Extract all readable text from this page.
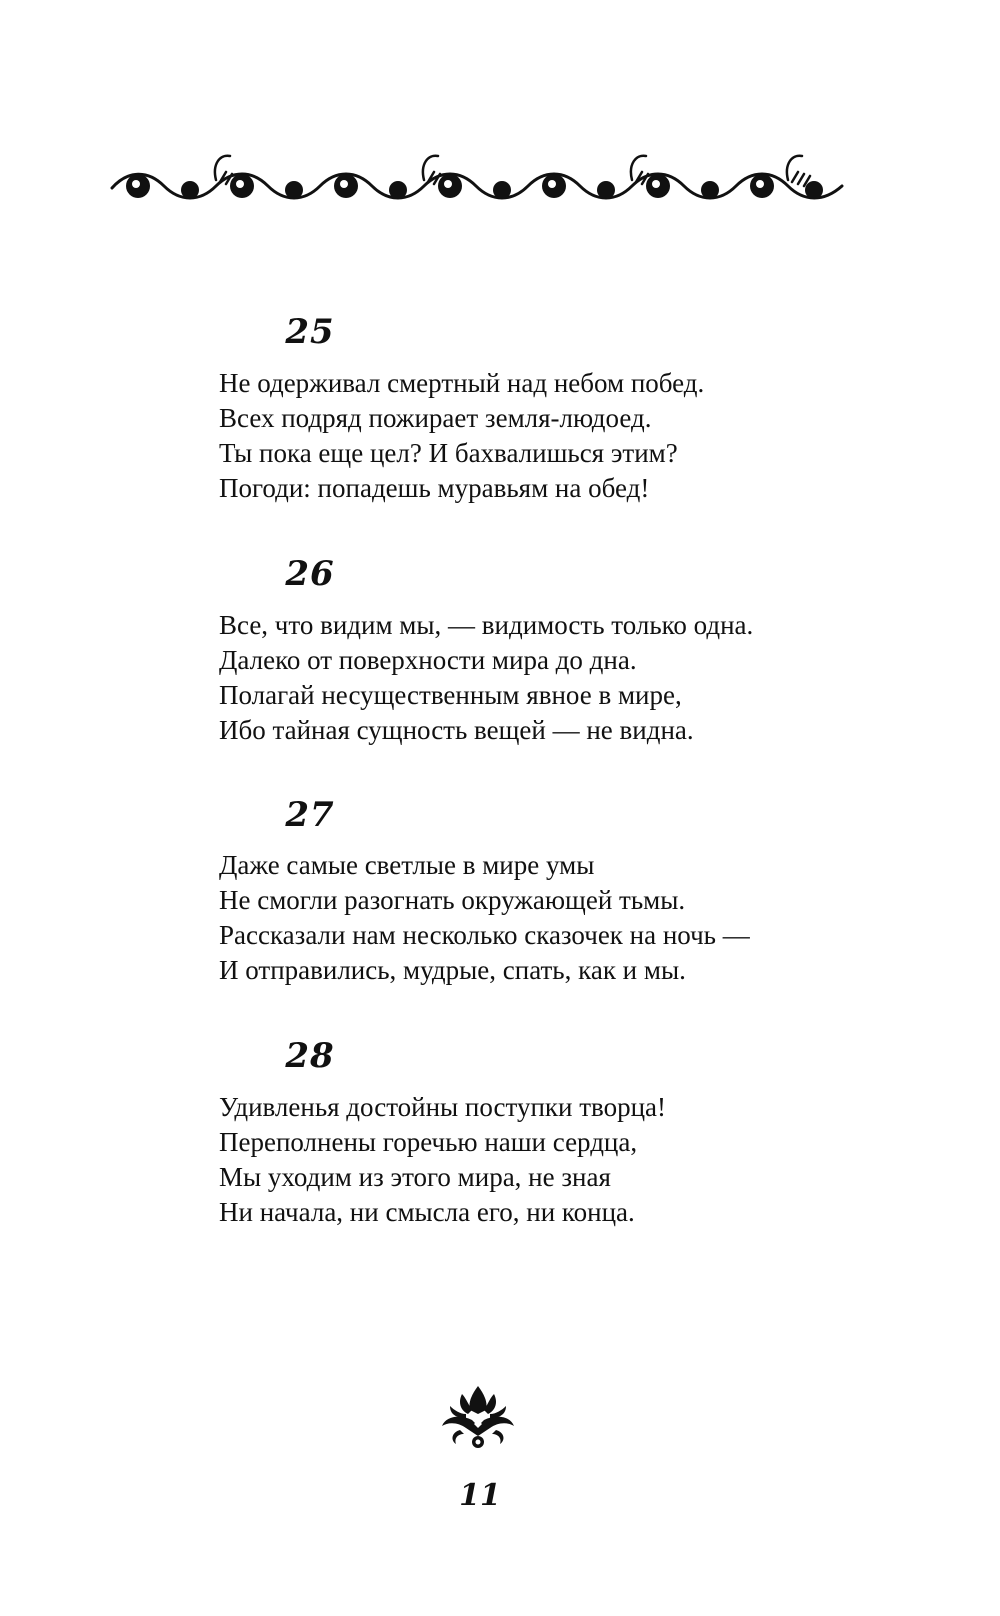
25
Не одерживал смертный над небом побед.
Всех подряд пожирает земля-людоед.
Ты пока еще цел? И бахвалишься этим?
Погоди: попадешь муравьям на обед!
26
Все, что видим мы, — видимость только одна.
Далеко от поверхности мира до дна.
Полагай несущественным явное в мире,
Ибо тайная сущность вещей — не видна.
27
Даже самые светлые в мире умы
Не смогли разогнать окружающей тьмы.
Рассказали нам несколько сказочек на ночь —
И отправились, мудрые, спать, как и мы.
28
Удивленья достойны поступки творца!
Переполнены горечью наши сердца,
Мы уходим из этого мира, не зная
Ни начала, ни смысла его, ни конца.
11
